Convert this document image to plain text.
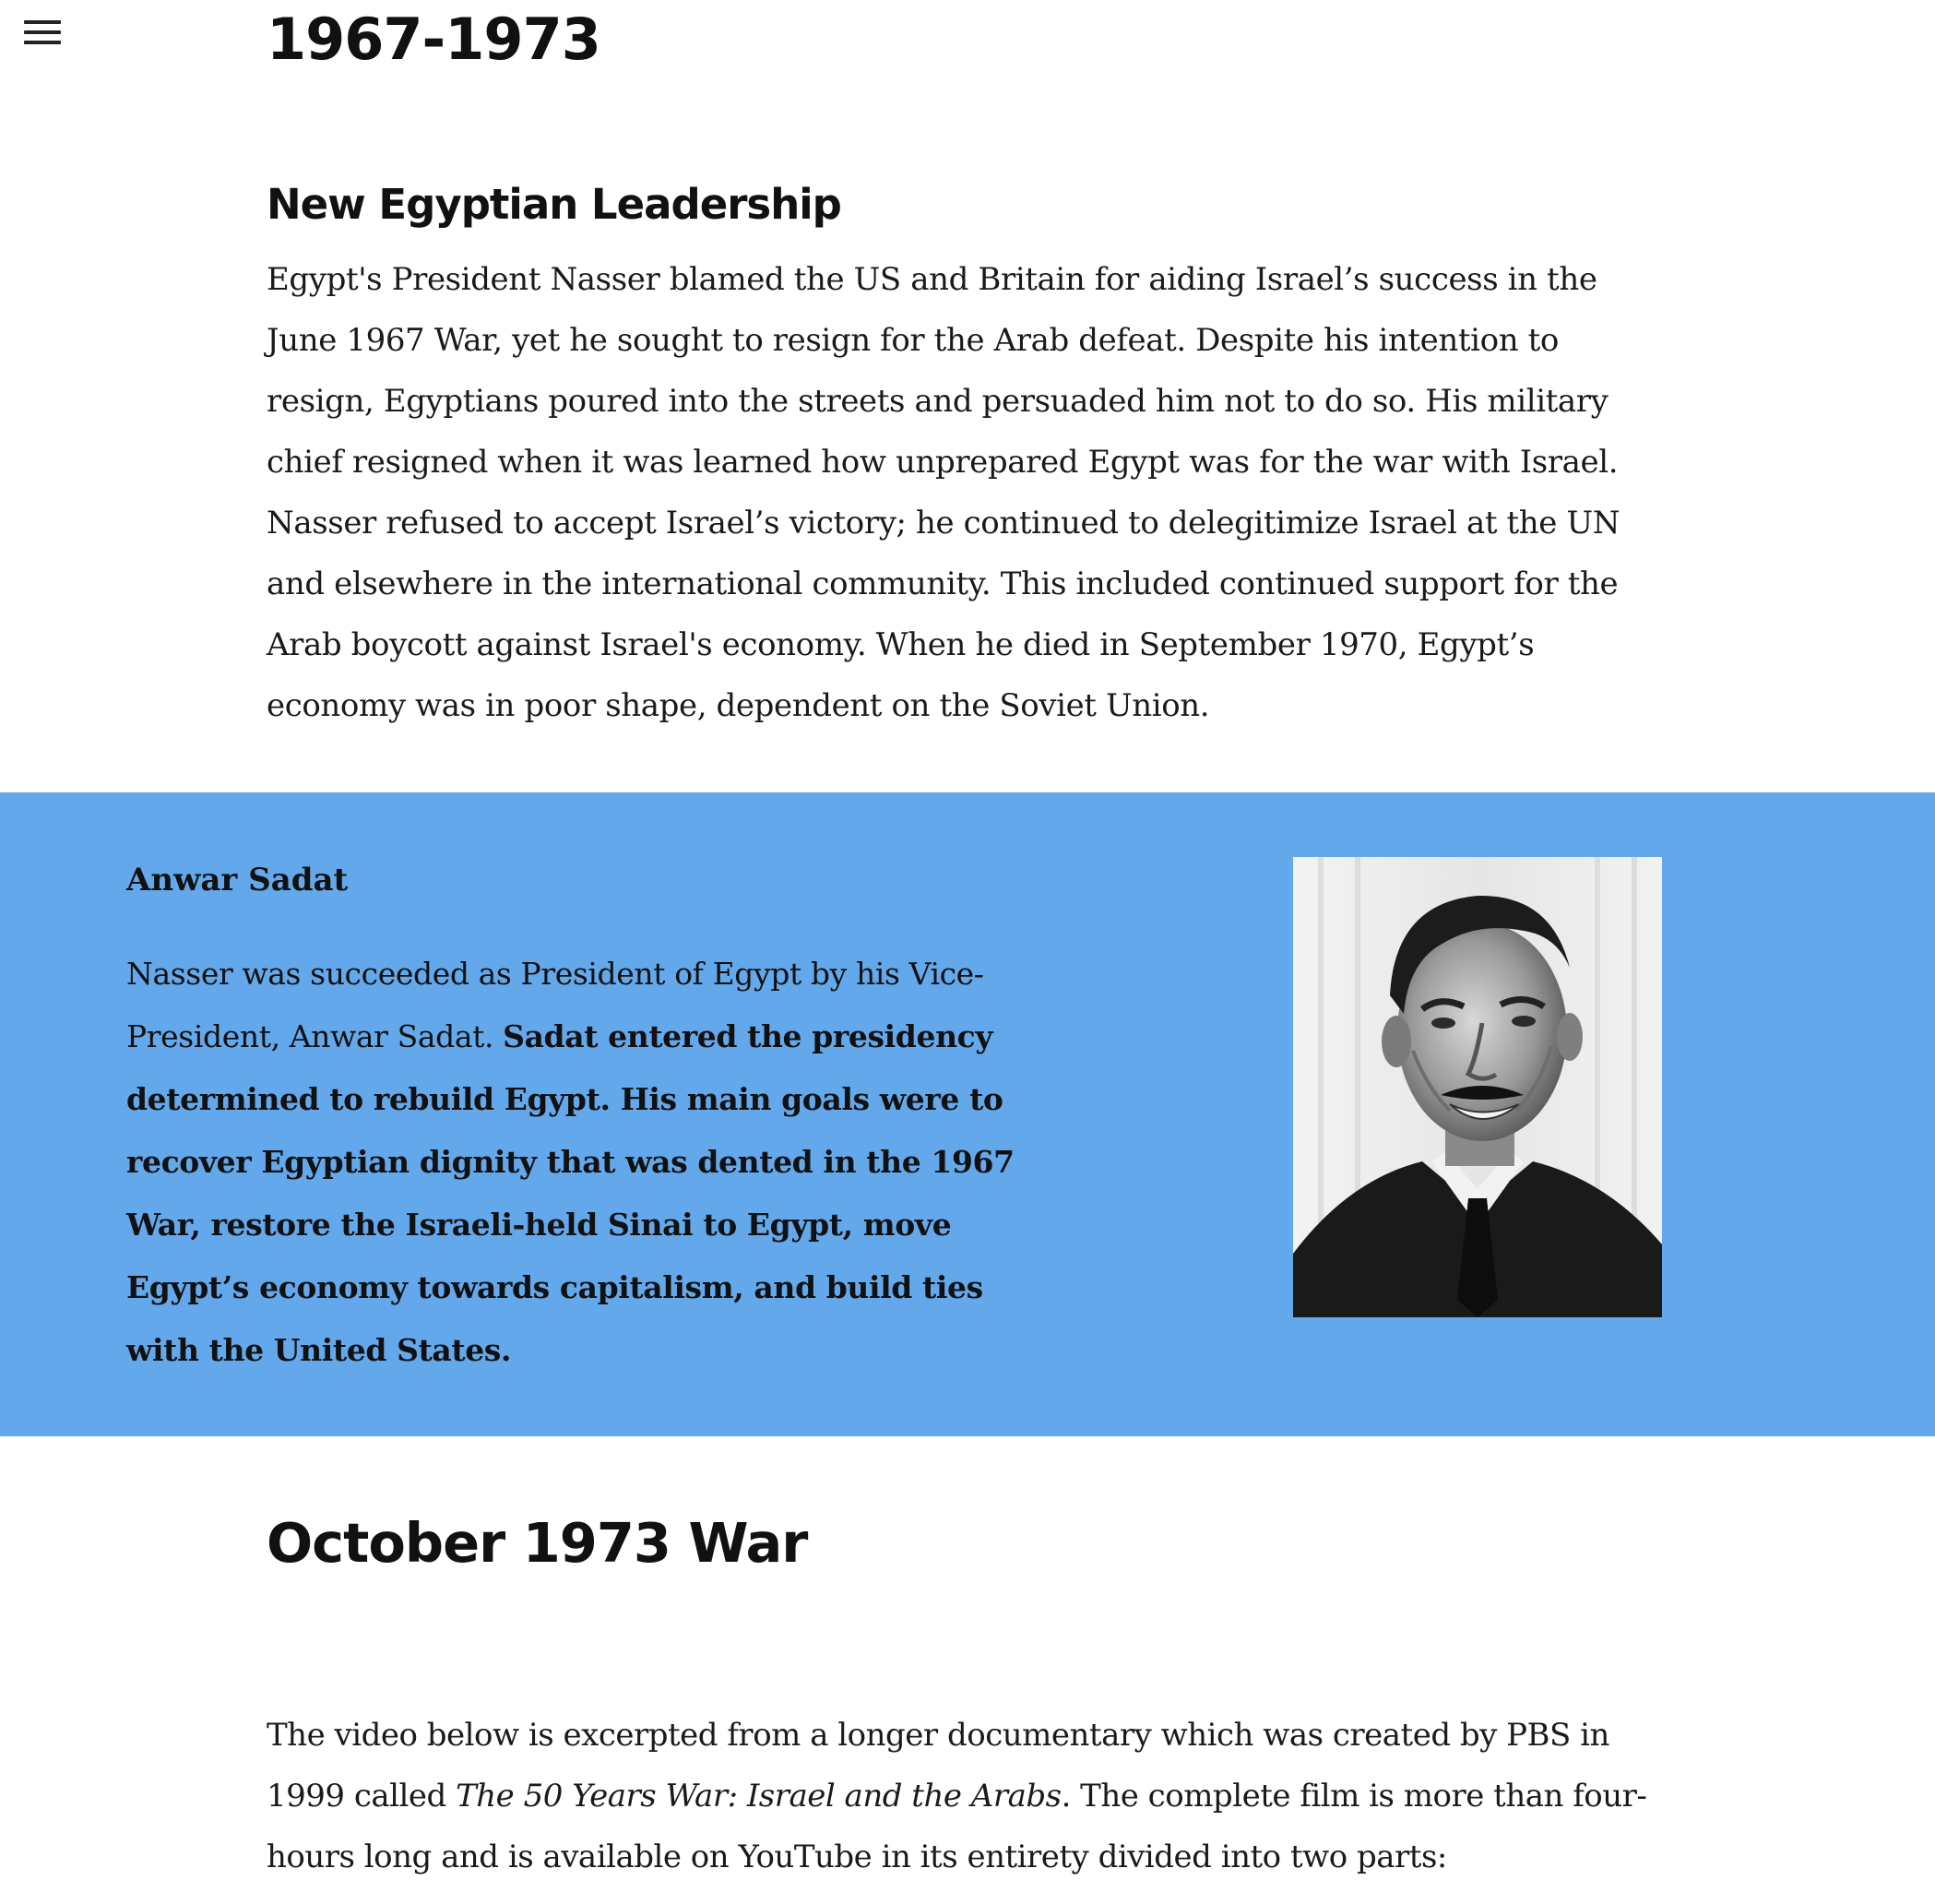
1967-1973
New Egyptian Leadership

Egypt's President Nasser blamed the US and Britain for aiding Israel’s success in the June 1967 War, yet he sought to resign for the Arab defeat. Despite his intention to resign, Egyptians poured into the streets and persuaded him not to do so. His military chief resigned when it was learned how unprepared Egypt was for the war with Israel. Nasser refused to accept Israel’s victory; he continued to delegitimize Israel at the UN and elsewhere in the international community. This included continued support for the Arab boycott against Israel's economy. When he died in September 1970, Egypt’s economy was in poor shape, dependent on the Soviet Union.

Anwar Sadat

Nasser was succeeded as President of Egypt by his Vice-President, Anwar Sadat. Sadat entered the presidency determined to rebuild Egypt. His main goals were to recover Egyptian dignity that was dented in the 1967 War, restore the Israeli-held Sinai to Egypt, move Egypt’s economy towards capitalism, and build ties with the United States.

October 1973 War

The video below is excerpted from a longer documentary which was created by PBS in 1999 called The 50 Years War: Israel and the Arabs. The complete film is more than four-hours long and is available on YouTube in its entirety divided into two parts:
